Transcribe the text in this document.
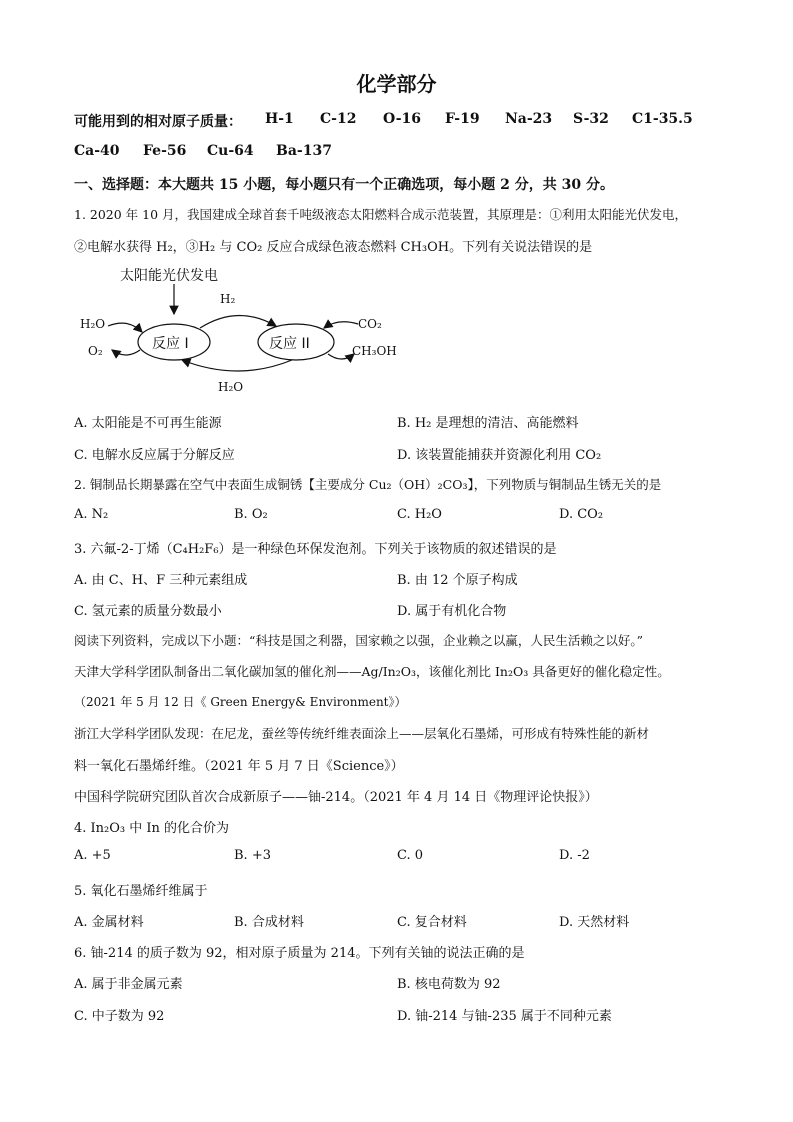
化学部分
可能用到的相对原子质量： H-1 C-12 O-16 F-19 Na-23 S-32 C1-35.5
Ca-40 Fe-56 Cu-64 Ba-137
一、选择题：本大题共 15 小题，每小题只有一个正确选项，每小题 2 分，共 30 分。
1. 2020 年 10 月，我国建成全球首套千吨级液态太阳燃料合成示范装置，其原理是：①利用太阳能光伏发电，
②电解水获得 H₂，③H₂ 与 CO₂ 反应合成绿色液态燃料 CH₃OH。下列有关说法错误的是
太阳能光伏发电
反应 I	反应 II
H₂
H₂O
H₂O
O₂
CO₂
CH₃OH
A. 太阳能是不可再生能源	B. H₂ 是理想的清洁、高能燃料
C. 电解水反应属于分解反应	D. 该装置能捕获并资源化利用 CO₂
2. 铜制品长期暴露在空气中表面生成铜锈【主要成分 Cu₂（OH）₂CO₃】，下列物质与铜制品生锈无关的是
A. N₂	B. O₂	C. H₂O	D. CO₂
3. 六氟-2-丁烯（C₄H₂F₆）是一种绿色环保发泡剂。下列关于该物质的叙述错误的是
A. 由 C、H、F 三种元素组成	B. 由 12 个原子构成
C. 氢元素的质量分数最小	D. 属于有机化合物
阅读下列资料，完成以下小题：“科技是国之利器，国家赖之以强，企业赖之以赢，人民生活赖之以好。”
天津大学科学团队制备出二氧化碳加氢的催化剂——Ag/In₂O₃，该催化剂比 In₂O₃ 具备更好的催化稳定性。
（2021 年 5 月 12 日《 Green Energy& Environment》）
浙江大学科学团队发现：在尼龙，蚕丝等传统纤维表面涂上——层氧化石墨烯，可形成有特殊性能的新材
料一氧化石墨烯纤维。（2021 年 5 月 7 日《Science》）
中国科学院研究团队首次合成新原子——铀-214。（2021 年 4 月 14 日《物理评论快报》）
4. In₂O₃ 中 In 的化合价为
A. +5	B. +3	C. 0	D. -2
5. 氧化石墨烯纤维属于
A. 金属材料	B. 合成材料	C. 复合材料	D. 天然材料
6. 铀-214 的质子数为 92，相对原子质量为 214。下列有关铀的说法正确的是
A. 属于非金属元素	B. 核电荷数为 92
C. 中子数为 92	D. 铀-214 与铀-235 属于不同种元素
